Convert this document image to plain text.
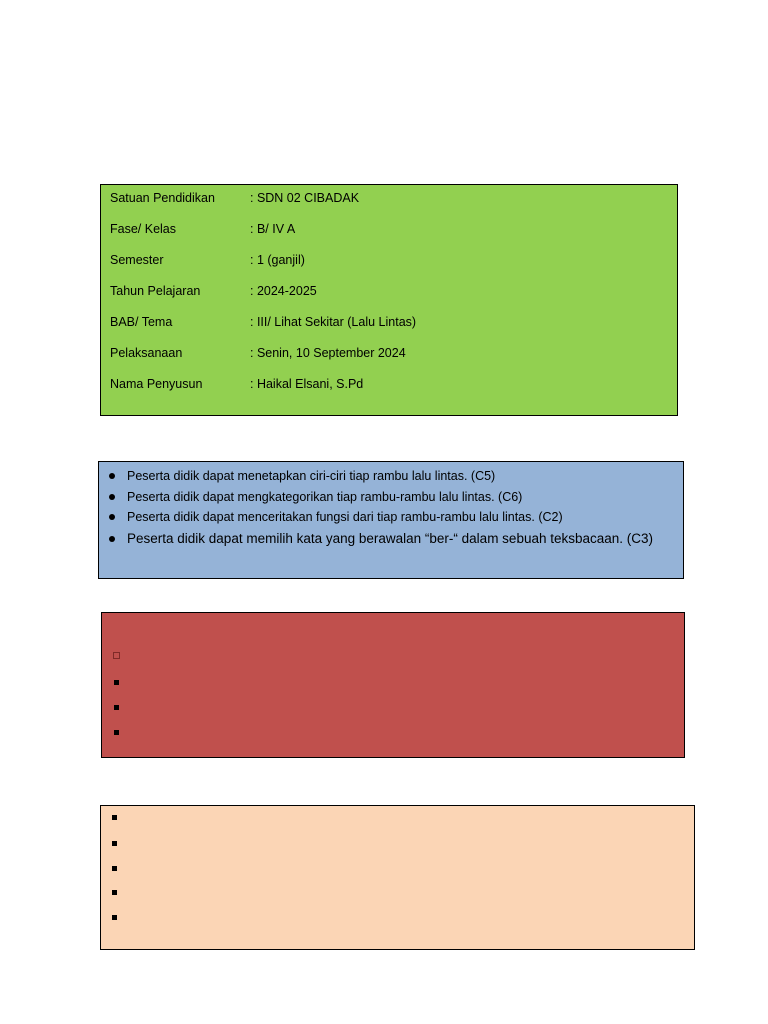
Satuan Pendidikan	: SDN 02 CIBADAK
Fase/ Kelas	: B/ IV A
Semester	: 1 (ganjil)
Tahun Pelajaran	: 2024-2025
BAB/ Tema	: III/ Lihat Sekitar (Lalu Lintas)
Pelaksanaan	: Senin, 10 September 2024
Nama Penyusun	: Haikal Elsani, S.Pd
Peserta didik dapat menetapkan ciri-ciri tiap rambu lalu lintas. (C5)
Peserta didik dapat mengkategorikan tiap rambu-rambu lalu lintas. (C6)
Peserta didik dapat menceritakan fungsi dari tiap rambu-rambu lalu lintas. (C2)
Peserta didik dapat memilih kata yang berawalan “ber-“ dalam sebuah teksbacaan. (C3)
